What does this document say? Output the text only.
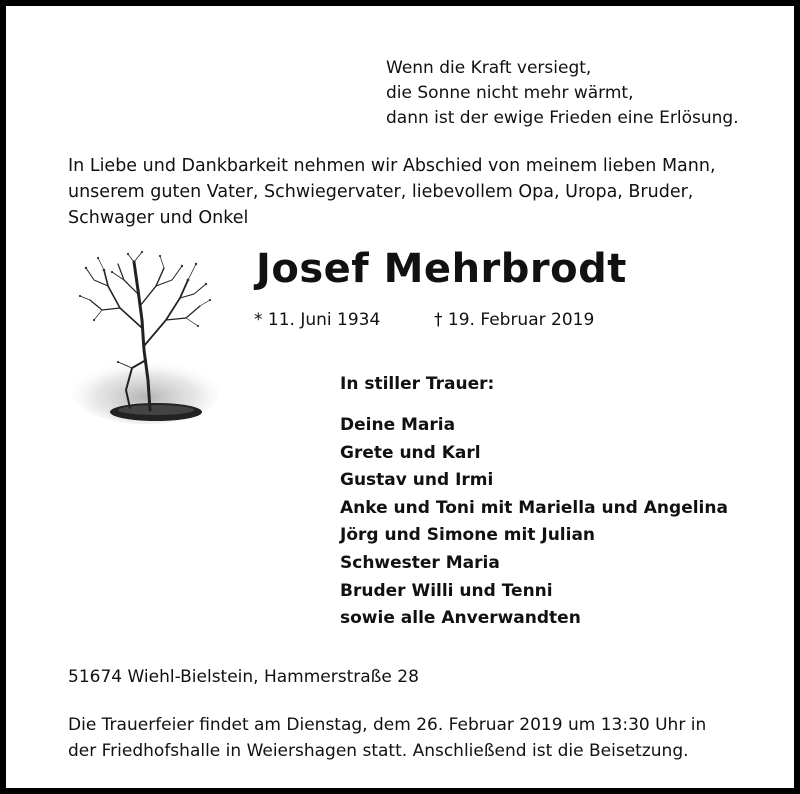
Wenn die Kraft versiegt,
die Sonne nicht mehr wärmt,
dann ist der ewige Frieden eine Erlösung.
In Liebe und Dankbarkeit nehmen wir Abschied von meinem lieben Mann,
unserem guten Vater, Schwiegervater, liebevollem Opa, Uropa, Bruder,
Schwager und Onkel
Josef Mehrbrodt
* 11. Juni 1934	† 19. Februar 2019
In stiller Trauer:
Deine Maria
Grete und Karl
Gustav und Irmi
Anke und Toni mit Mariella und Angelina
Jörg und Simone mit Julian
Schwester Maria
Bruder Willi und Tenni
sowie alle Anverwandten
51674 Wiehl-Bielstein, Hammerstraße 28
Die Trauerfeier findet am Dienstag, dem 26. Februar 2019 um 13:30 Uhr in
der Friedhofshalle in Weiershagen statt. Anschließend ist die Beisetzung.
